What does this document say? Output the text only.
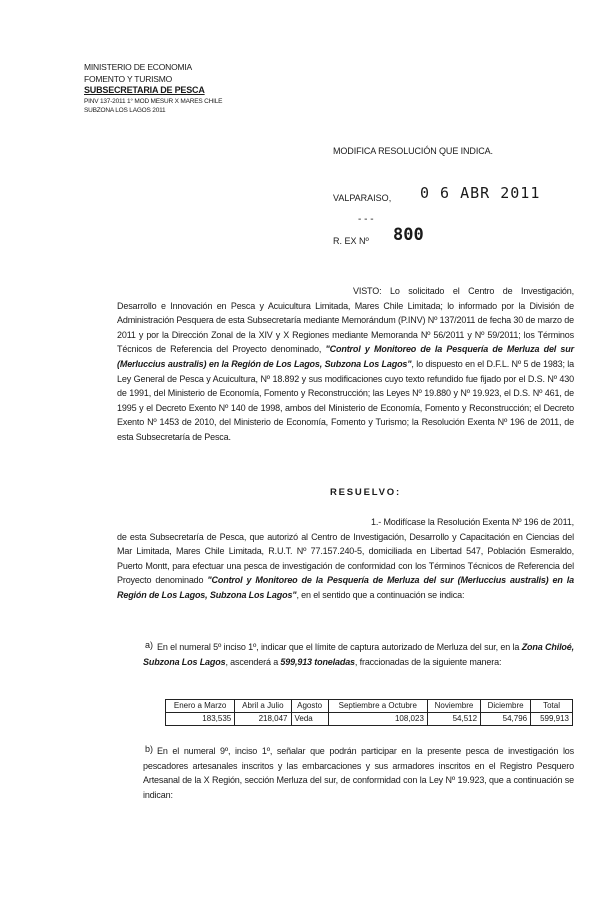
MINISTERIO DE ECONOMIA
FOMENTO Y TURISMO
SUBSECRETARIA DE PESCA
PINV 137-2011 1° MOD MESUR X MARES CHILE
SUBZONA LOS LAGOS 2011
MODIFICA RESOLUCIÓN QUE INDICA.
VALPARAISO, 0 6 ABR 2011
- - -
R. EX Nº 800
VISTO: Lo solicitado el Centro de Investigación, Desarrollo e Innovación en Pesca y Acuicultura Limitada, Mares Chile Limitada; lo informado por la División de Administración Pesquera de esta Subsecretaría mediante Memorándum (P.INV) Nº 137/2011 de fecha 30 de marzo de 2011 y por la Dirección Zonal de la XIV y X Regiones mediante Memoranda Nº 56/2011 y Nº 59/2011; los Términos Técnicos de Referencia del Proyecto denominado, "Control y Monitoreo de la Pesquería de Merluza del sur (Merluccius australis) en la Región de Los Lagos, Subzona Los Lagos", lo dispuesto en el D.F.L. Nº 5 de 1983; la Ley General de Pesca y Acuicultura, Nº 18.892 y sus modificaciones cuyo texto refundido fue fijado por el D.S. Nº 430 de 1991, del Ministerio de Economía, Fomento y Reconstrucción; las Leyes Nº 19.880 y Nº 19.923, el D.S. Nº 461, de 1995 y el Decreto Exento Nº 140 de 1998, ambos del Ministerio de Economía, Fomento y Reconstrucción; el Decreto Exento Nº 1453 de 2010, del Ministerio de Economía, Fomento y Turismo; la Resolución Exenta Nº 196 de 2011, de esta Subsecretaría de Pesca.
RESUELVO:
1.- Modifícase la Resolución Exenta Nº 196 de 2011, de esta Subsecretaría de Pesca, que autorizó al Centro de Investigación, Desarrollo y Capacitación en Ciencias del Mar Limitada, Mares Chile Limitada, R.U.T. Nº 77.157.240-5, domiciliada en Libertad 547, Población Esmeraldo, Puerto Montt, para efectuar una pesca de investigación de conformidad con los Términos Técnicos de Referencia del Proyecto denominado "Control y Monitoreo de la Pesquería de Merluza del sur (Merluccius australis) en la Región de Los Lagos, Subzona Los Lagos", en el sentido que a continuación se indica:
a) En el numeral 5º inciso 1º, indicar que el límite de captura autorizado de Merluza del sur, en la Zona Chiloé, Subzona Los Lagos, ascenderá a 599,913 toneladas, fraccionadas de la siguiente manera:
Enero a Marzo	Abril a Julio	Agosto	Septiembre a Octubre	Noviembre	Diciembre	Total
183,535	218,047	Veda	108,023	54,512	54,796	599,913
b) En el numeral 9º, inciso 1º, señalar que podrán participar en la presente pesca de investigación los pescadores artesanales inscritos y las embarcaciones y sus armadores inscritos en el Registro Pesquero Artesanal de la X Región, sección Merluza del sur, de conformidad con la Ley Nº 19.923, que a continuación se indican:
